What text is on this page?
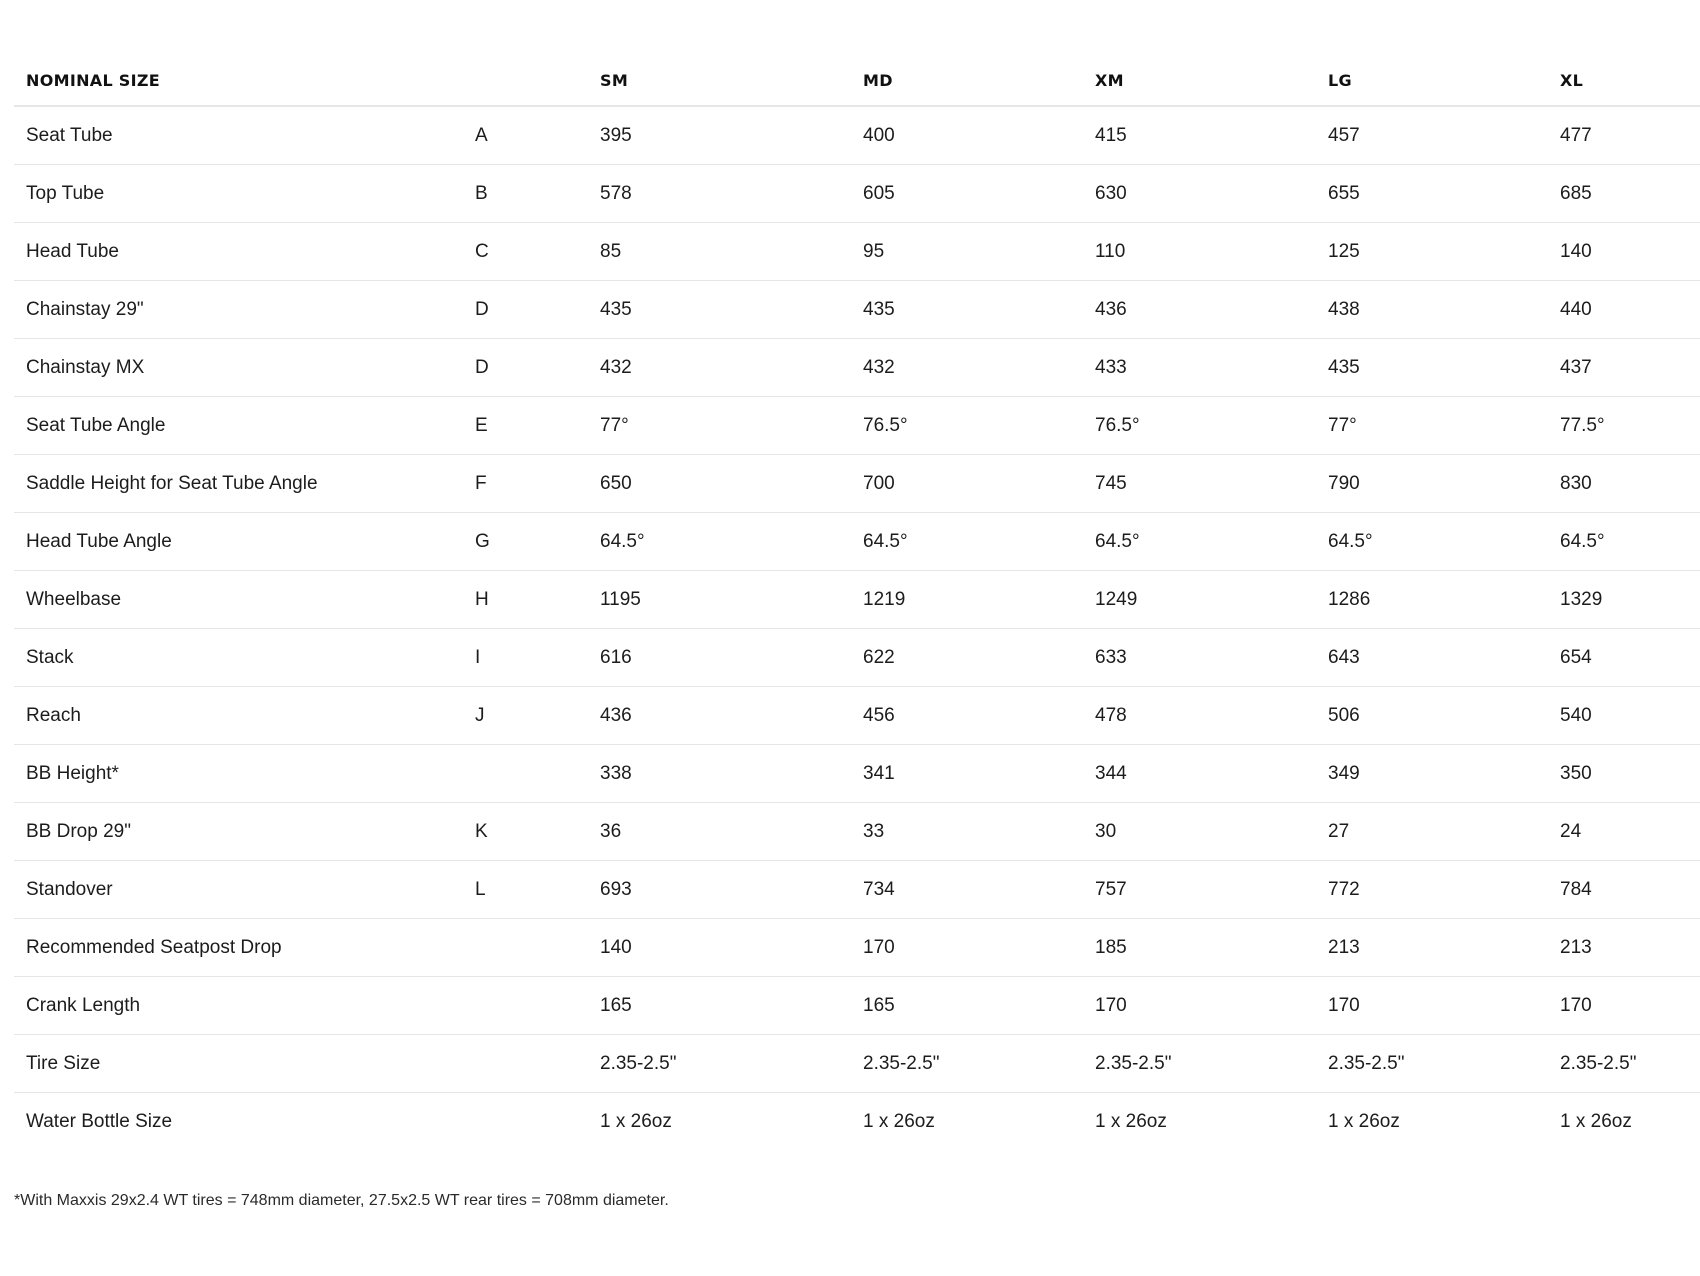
NOMINAL SIZE		SM	MD	XM	LG	XL
Seat Tube	A	395	400	415	457	477
Top Tube	B	578	605	630	655	685
Head Tube	C	85	95	110	125	140
Chainstay 29"	D	435	435	436	438	440
Chainstay MX	D	432	432	433	435	437
Seat Tube Angle	E	77°	76.5°	76.5°	77°	77.5°
Saddle Height for Seat Tube Angle	F	650	700	745	790	830
Head Tube Angle	G	64.5°	64.5°	64.5°	64.5°	64.5°
Wheelbase	H	1195	1219	1249	1286	1329
Stack	I	616	622	633	643	654
Reach	J	436	456	478	506	540
BB Height*		338	341	344	349	350
BB Drop 29"	K	36	33	30	27	24
Standover	L	693	734	757	772	784
Recommended Seatpost Drop		140	170	185	213	213
Crank Length		165	165	170	170	170
Tire Size		2.35-2.5"	2.35-2.5"	2.35-2.5"	2.35-2.5"	2.35-2.5"
Water Bottle Size		1 x 26oz	1 x 26oz	1 x 26oz	1 x 26oz	1 x 26oz
*With Maxxis 29x2.4 WT tires = 748mm diameter, 27.5x2.5 WT rear tires = 708mm diameter.
